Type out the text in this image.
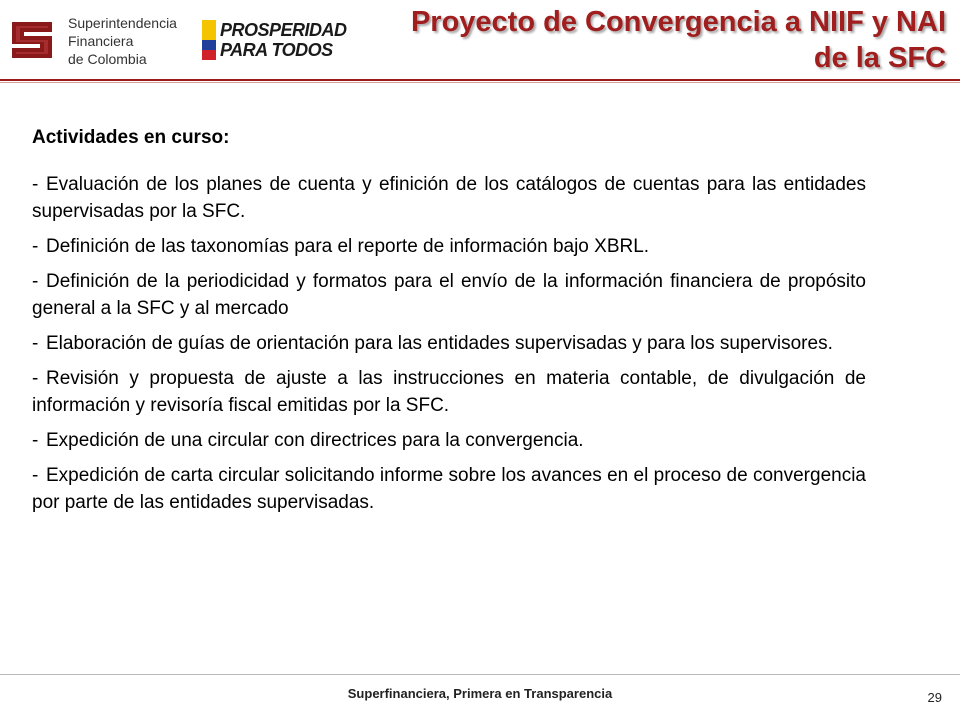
Superintendencia
Financiera
de Colombia
PROSPERIDAD
PARA TODOS
Proyecto de Convergencia a NIIF y NAI
de la SFC

Actividades en curso:

- Evaluación de los planes de cuenta y efinición de los catálogos de cuentas para las entidades supervisadas por la SFC.

- Definición de las taxonomías para el reporte de información bajo XBRL.

- Definición de la periodicidad y formatos para el envío de la información financiera de propósito general a la SFC y al mercado

- Elaboración de guías de orientación para las entidades supervisadas y para los supervisores.

- Revisión y propuesta de ajuste a las instrucciones en materia contable, de divulgación de información y revisoría fiscal emitidas por la SFC.

- Expedición de una circular con directrices para la convergencia.

- Expedición de carta circular solicitando informe sobre los avances en el proceso de convergencia por parte de las entidades supervisadas.

Superfinanciera, Primera en Transparencia	29
